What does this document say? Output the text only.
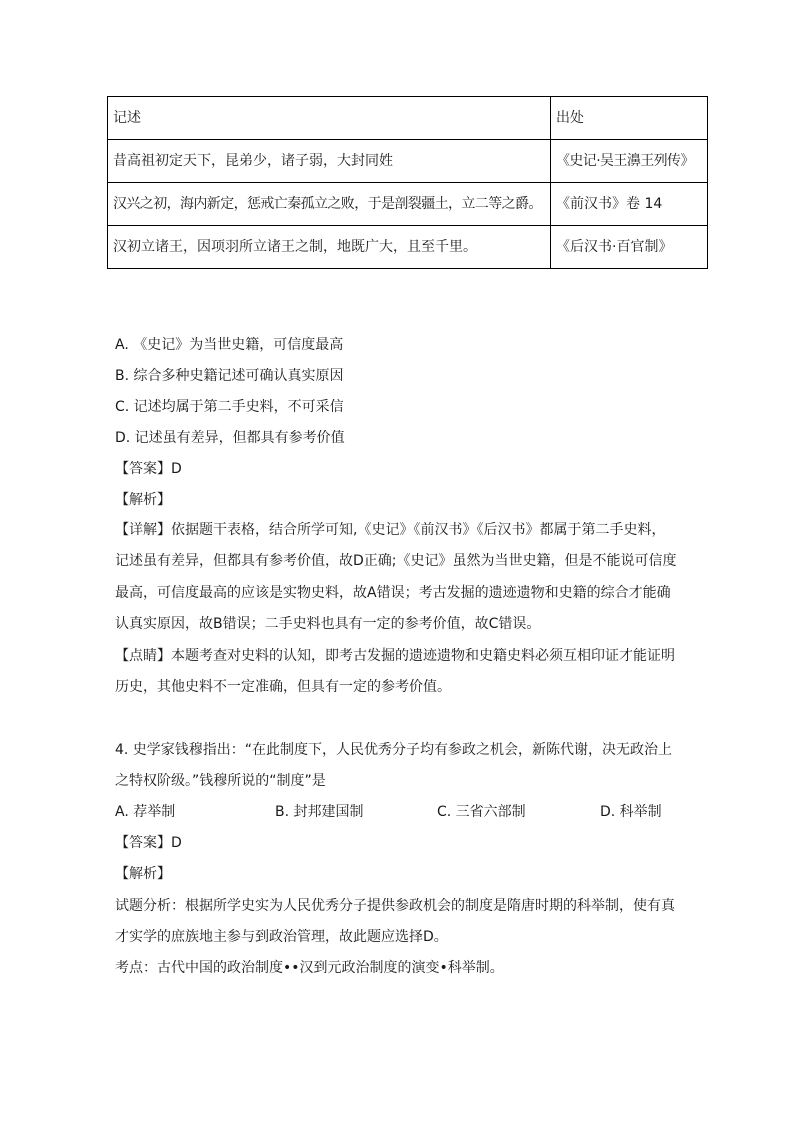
记述	出处
昔高祖初定天下，昆弟少，诸子弱，大封同姓	《史记·吴王濞王列传》
汉兴之初，海内新定，惩戒亡秦孤立之败，于是剖裂疆土，立二等之爵。	《前汉书》卷 14
汉初立诸王，因项羽所立诸王之制，地既广大，且至千里。	《后汉书·百官制》
A. 《史记》为当世史籍，可信度最高
B. 综合多种史籍记述可确认真实原因
C. 记述均属于第二手史料，不可采信
D. 记述虽有差异，但都具有参考价值
【答案】D
【解析】
【详解】依据题干表格，结合所学可知,《史记》《前汉书》《后汉书》都属于第二手史料，
记述虽有差异，但都具有参考价值，故D正确;《史记》虽然为当世史籍，但是不能说可信度
最高，可信度最高的应该是实物史料，故A错误；考古发掘的遗迹遗物和史籍的综合才能确
认真实原因，故B错误；二手史料也具有一定的参考价值，故C错误。
【点睛】本题考查对史料的认知，即考古发掘的遗迹遗物和史籍史料必须互相印证才能证明
历史，其他史料不一定准确，但具有一定的参考价值。
4. 史学家钱穆指出：“在此制度下，人民优秀分子均有参政之机会，新陈代谢，决无政治上
之特权阶级。”钱穆所说的“制度”是
A. 荐举制	B. 封邦建国制	C. 三省六部制	D. 科举制
【答案】D
【解析】
试题分析：根据所学史实为人民优秀分子提供参政机会的制度是隋唐时期的科举制，使有真
才实学的庶族地主参与到政治管理，故此题应选择D。
考点：古代中国的政治制度••汉到元政治制度的演变•科举制。
